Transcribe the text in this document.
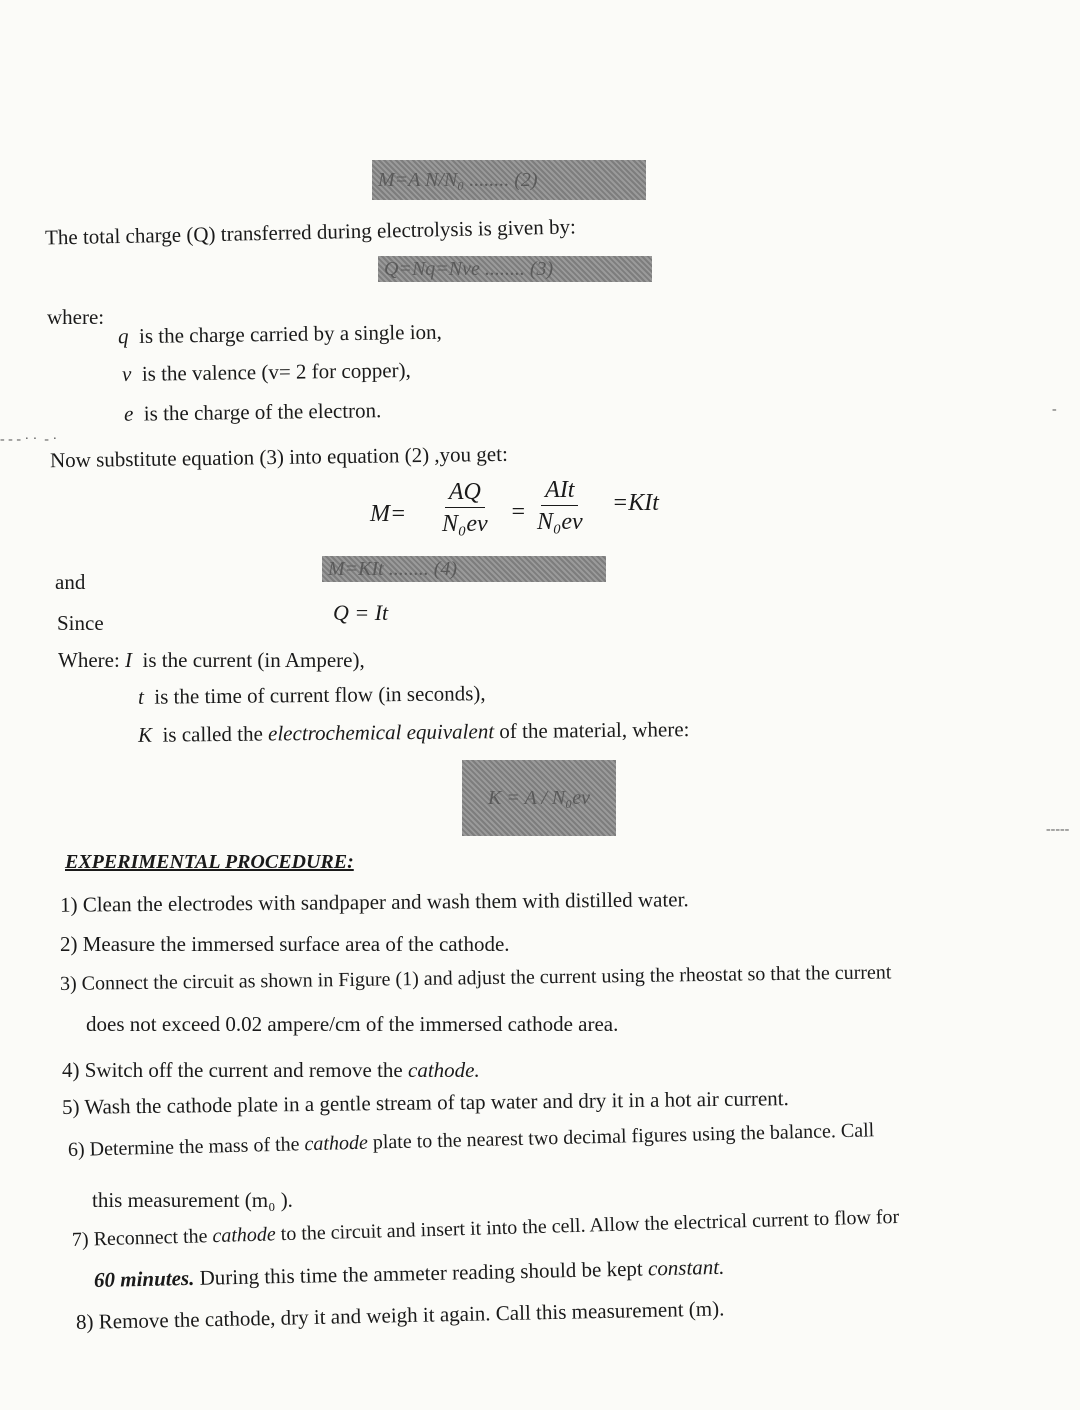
M=A N/N₀ ........ (2)
The total charge (Q) transferred during electrolysis is given by:
Q=Nq=Nve ........ (3)
where:
q is the charge carried by a single ion,
v is the valence (v= 2 for copper),
e is the charge of the electron.
Now substitute equation (3) into equation (2) ,you get:
$M= \frac{AQ}{\text{N₀ev}}$ =
AIt
N₀ev
=KIt
and
M=KIt ........ (4)
Since	Q = It
Where: I is the current (in Ampere),
t is the time of current flow (in seconds),
K is called the electrochemical equivalent of the material, where:
K = A / N₀ev
EXPERIMENTAL PROCEDURE:
1) Clean the electrodes with sandpaper and wash them with distilled water.
2) Measure the immersed surface area of the cathode.
3) Connect the circuit as shown in Figure (1) and adjust the current using the rheostat so that the current
does not exceed 0.02 ampere/cm of the immersed cathode area.
4) Switch off the current and remove the cathode.
5) Wash the cathode plate in a gentle stream of tap water and dry it in a hot air current.
6) Determine the mass of the cathode plate to the nearest two decimal figures using the balance. Call
this measurement (m₀ ).
7) Reconnect the cathode to the circuit and insert it into the cell. Allow the electrical current to flow for
60 minutes. During this time the ammeter reading should be kept constant.
8) Remove the cathode, dry it and weigh it again. Call this measurement (m).
- - - · ·  - ·
-
-----
